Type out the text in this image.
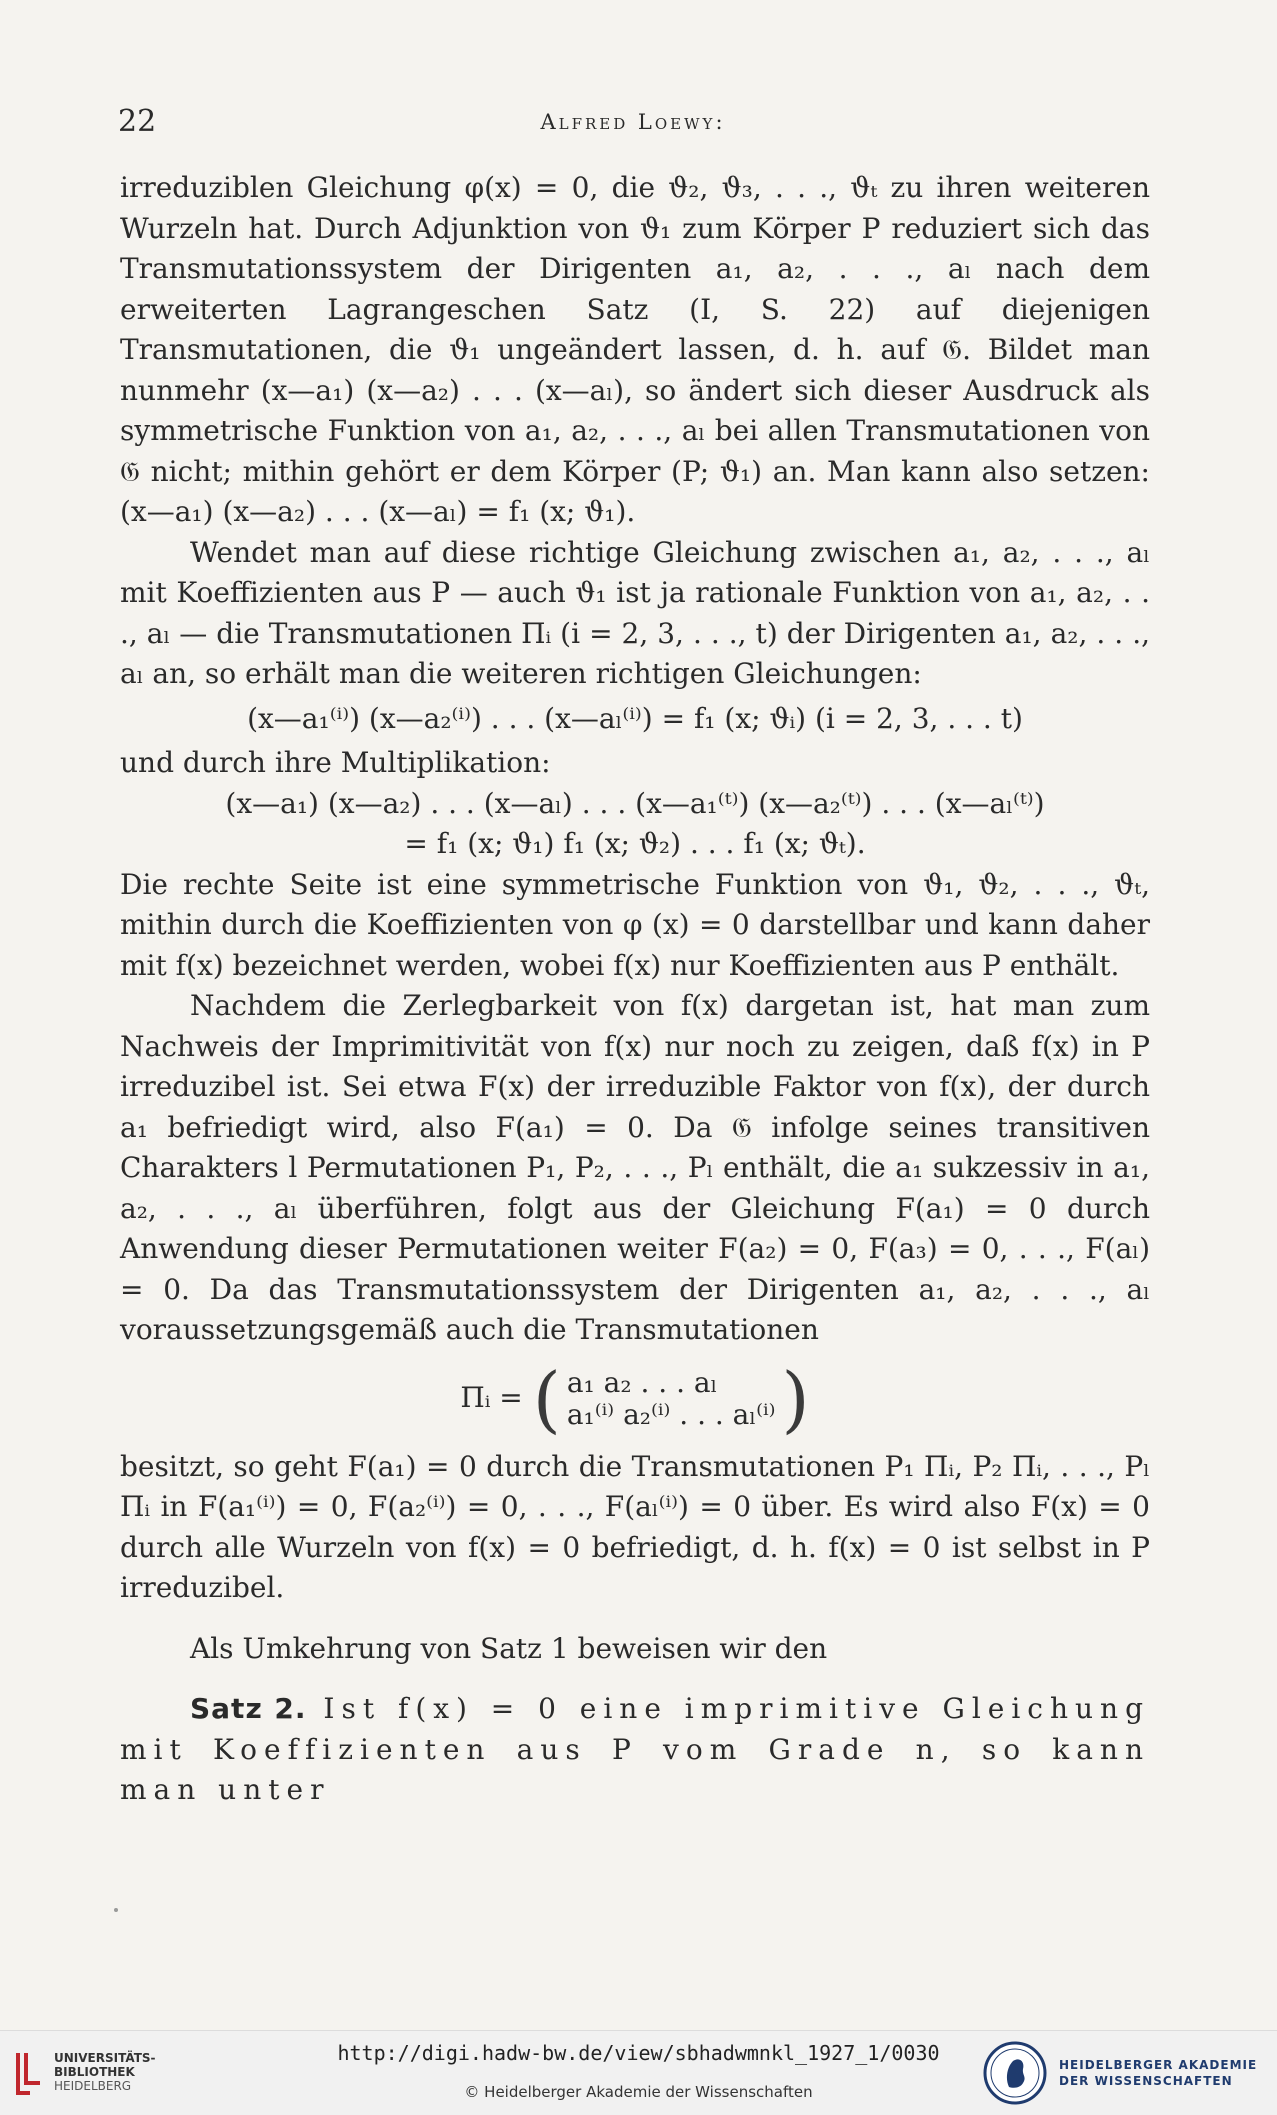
22	Alfred Loewy:

irreduziblen Gleichung φ(x) = 0, die ϑ₂, ϑ₃, . . ., ϑₜ zu ihren weiteren Wurzeln hat. Durch Adjunktion von ϑ₁ zum Körper P reduziert sich das Transmutationssystem der Dirigenten a₁, a₂, . . ., aₗ nach dem erweiterten Lagrangeschen Satz (I, S. 22) auf diejenigen Transmutationen, die ϑ₁ ungeändert lassen, d. h. auf 𝔊. Bildet man nunmehr (x—a₁) (x—a₂) . . . (x—aₗ), so ändert sich dieser Ausdruck als symmetrische Funktion von a₁, a₂, . . ., aₗ bei allen Transmutationen von 𝔊 nicht; mithin gehört er dem Körper (P; ϑ₁) an. Man kann also setzen: (x—a₁) (x—a₂) . . . (x—aₗ) = f₁ (x; ϑ₁).

Wendet man auf diese richtige Gleichung zwischen a₁, a₂, . . ., aₗ mit Koeffizienten aus P — auch ϑ₁ ist ja rationale Funktion von a₁, a₂, . . ., aₗ — die Transmutationen Πᵢ (i = 2, 3, . . ., t) der Dirigenten a₁, a₂, . . ., aₗ an, so erhält man die weiteren richtigen Gleichungen:

(x—a₁⁽ⁱ⁾) (x—a₂⁽ⁱ⁾) . . . (x—aₗ⁽ⁱ⁾) = f₁ (x; ϑᵢ) (i = 2, 3, . . . t)

und durch ihre Multiplikation:

(x—a₁) (x—a₂) . . . (x—aₗ) . . . (x—a₁⁽ᵗ⁾) (x—a₂⁽ᵗ⁾) . . . (x—aₗ⁽ᵗ⁾)

= f₁ (x; ϑ₁) f₁ (x; ϑ₂) . . . f₁ (x; ϑₜ).

Die rechte Seite ist eine symmetrische Funktion von ϑ₁, ϑ₂, . . ., ϑₜ, mithin durch die Koeffizienten von φ (x) = 0 darstellbar und kann daher mit f(x) bezeichnet werden, wobei f(x) nur Koeffizienten aus P enthält.

Nachdem die Zerlegbarkeit von f(x) dargetan ist, hat man zum Nachweis der Imprimitivität von f(x) nur noch zu zeigen, daß f(x) in P irreduzibel ist. Sei etwa F(x) der irreduzible Faktor von f(x), der durch a₁ befriedigt wird, also F(a₁) = 0. Da 𝔊 infolge seines transitiven Charakters l Permutationen P₁, P₂, . . ., Pₗ enthält, die a₁ sukzessiv in a₁, a₂, . . ., aₗ überführen, folgt aus der Gleichung F(a₁) = 0 durch Anwendung dieser Permutationen weiter F(a₂) = 0, F(a₃) = 0, . . ., F(aₗ) = 0. Da das Transmutationssystem der Dirigenten a₁, a₂, . . ., aₗ voraussetzungsgemäß auch die Transmutationen

Πᵢ = ( a₁ a₂ . . . aₗ
a₁⁽ⁱ⁾ a₂⁽ⁱ⁾ . . . aₗ⁽ⁱ⁾ )

besitzt, so geht F(a₁) = 0 durch die Transmutationen P₁ Πᵢ, P₂ Πᵢ, . . ., Pₗ Πᵢ in F(a₁⁽ⁱ⁾) = 0, F(a₂⁽ⁱ⁾) = 0, . . ., F(aₗ⁽ⁱ⁾) = 0 über. Es wird also F(x) = 0 durch alle Wurzeln von f(x) = 0 befriedigt, d. h. f(x) = 0 ist selbst in P irreduzibel.

Als Umkehrung von Satz 1 beweisen wir den

Satz 2. Ist f(x) = 0 eine imprimitive Gleichung mit Koeffizienten aus P vom Grade n, so kann man unter

UNIVERSITÄTS-
BIBLIOTHEK
HEIDELBERG
http://digi.hadw-bw.de/view/sbhadwmnkl_1927_1/0030
© Heidelberger Akademie der Wissenschaften
HEIDELBERGER AKADEMIE
DER WISSENSCHAFTEN
